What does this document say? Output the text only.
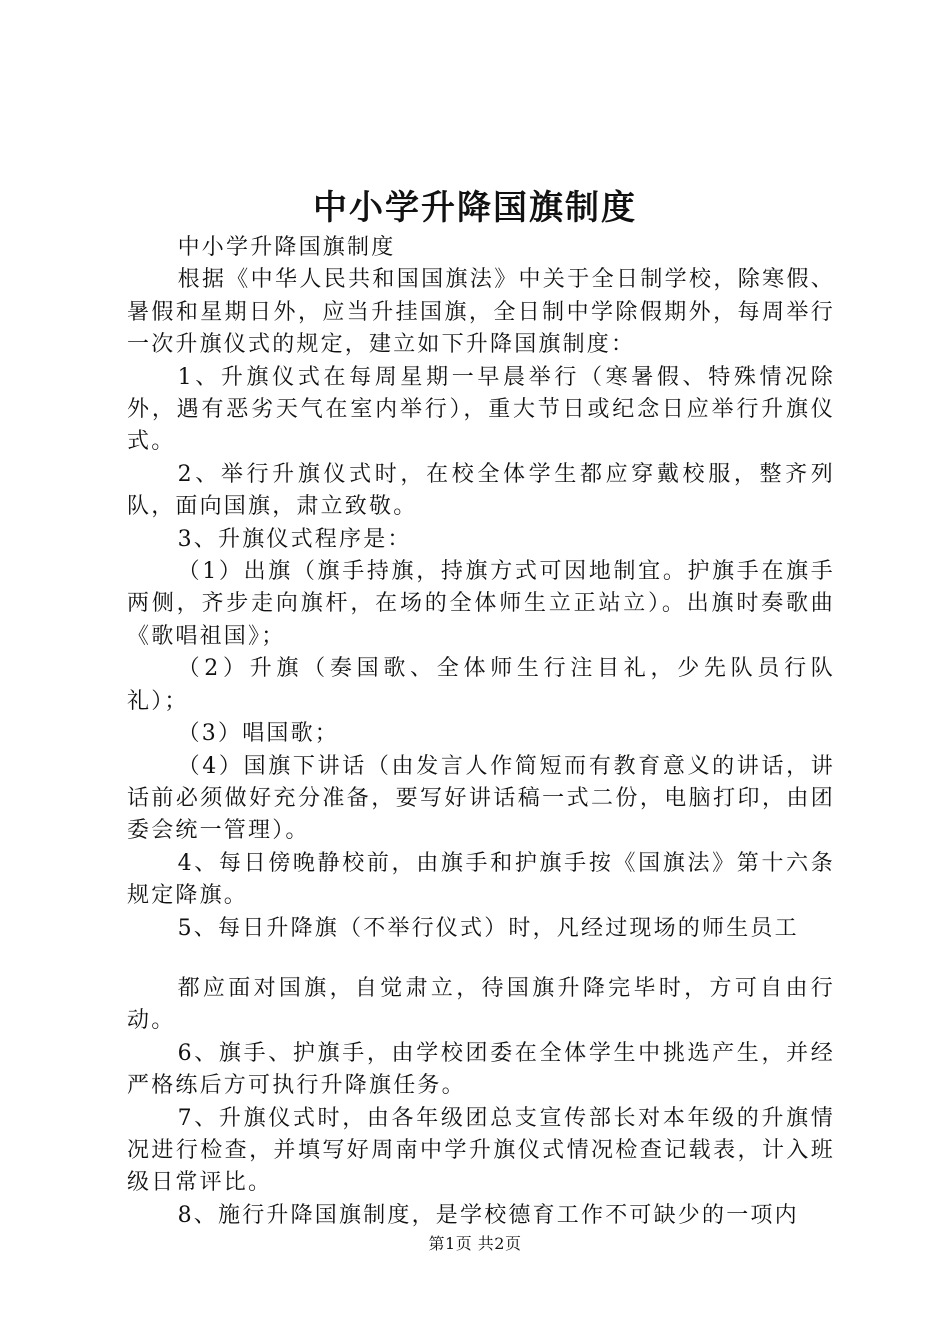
中小学升降国旗制度

中小学升降国旗制度

根据《中华人民共和国国旗法》中关于全日制学校，除寒假、暑假和星期日外，应当升挂国旗，全日制中学除假期外，每周举行一次升旗仪式的规定，建立如下升降国旗制度：

1、升旗仪式在每周星期一早晨举行（寒暑假、特殊情况除外，遇有恶劣天气在室内举行），重大节日或纪念日应举行升旗仪式。

2、举行升旗仪式时，在校全体学生都应穿戴校服，整齐列队，面向国旗，肃立致敬。

3、升旗仪式程序是：

（1）出旗（旗手持旗，持旗方式可因地制宜。护旗手在旗手两侧，齐步走向旗杆，在场的全体师生立正站立）。出旗时奏歌曲《歌唱祖国》；

（2）升旗（奏国歌、全体师生行注目礼，少先队员行队礼）；

（3）唱国歌；

（4）国旗下讲话（由发言人作简短而有教育意义的讲话，讲话前必须做好充分准备，要写好讲话稿一式二份，电脑打印，由团委会统一管理）。

4、每日傍晚静校前，由旗手和护旗手按《国旗法》第十六条规定降旗。

5、每日升降旗（不举行仪式）时，凡经过现场的师生员工

都应面对国旗，自觉肃立，待国旗升降完毕时，方可自由行动。

6、旗手、护旗手，由学校团委在全体学生中挑选产生，并经严格练后方可执行升降旗任务。

7、升旗仪式时，由各年级团总支宣传部长对本年级的升旗情况进行检查，并填写好周南中学升旗仪式情况检查记载表，计入班级日常评比。

8、施行升降国旗制度，是学校德育工作不可缺少的一项内

第1页 共2页
